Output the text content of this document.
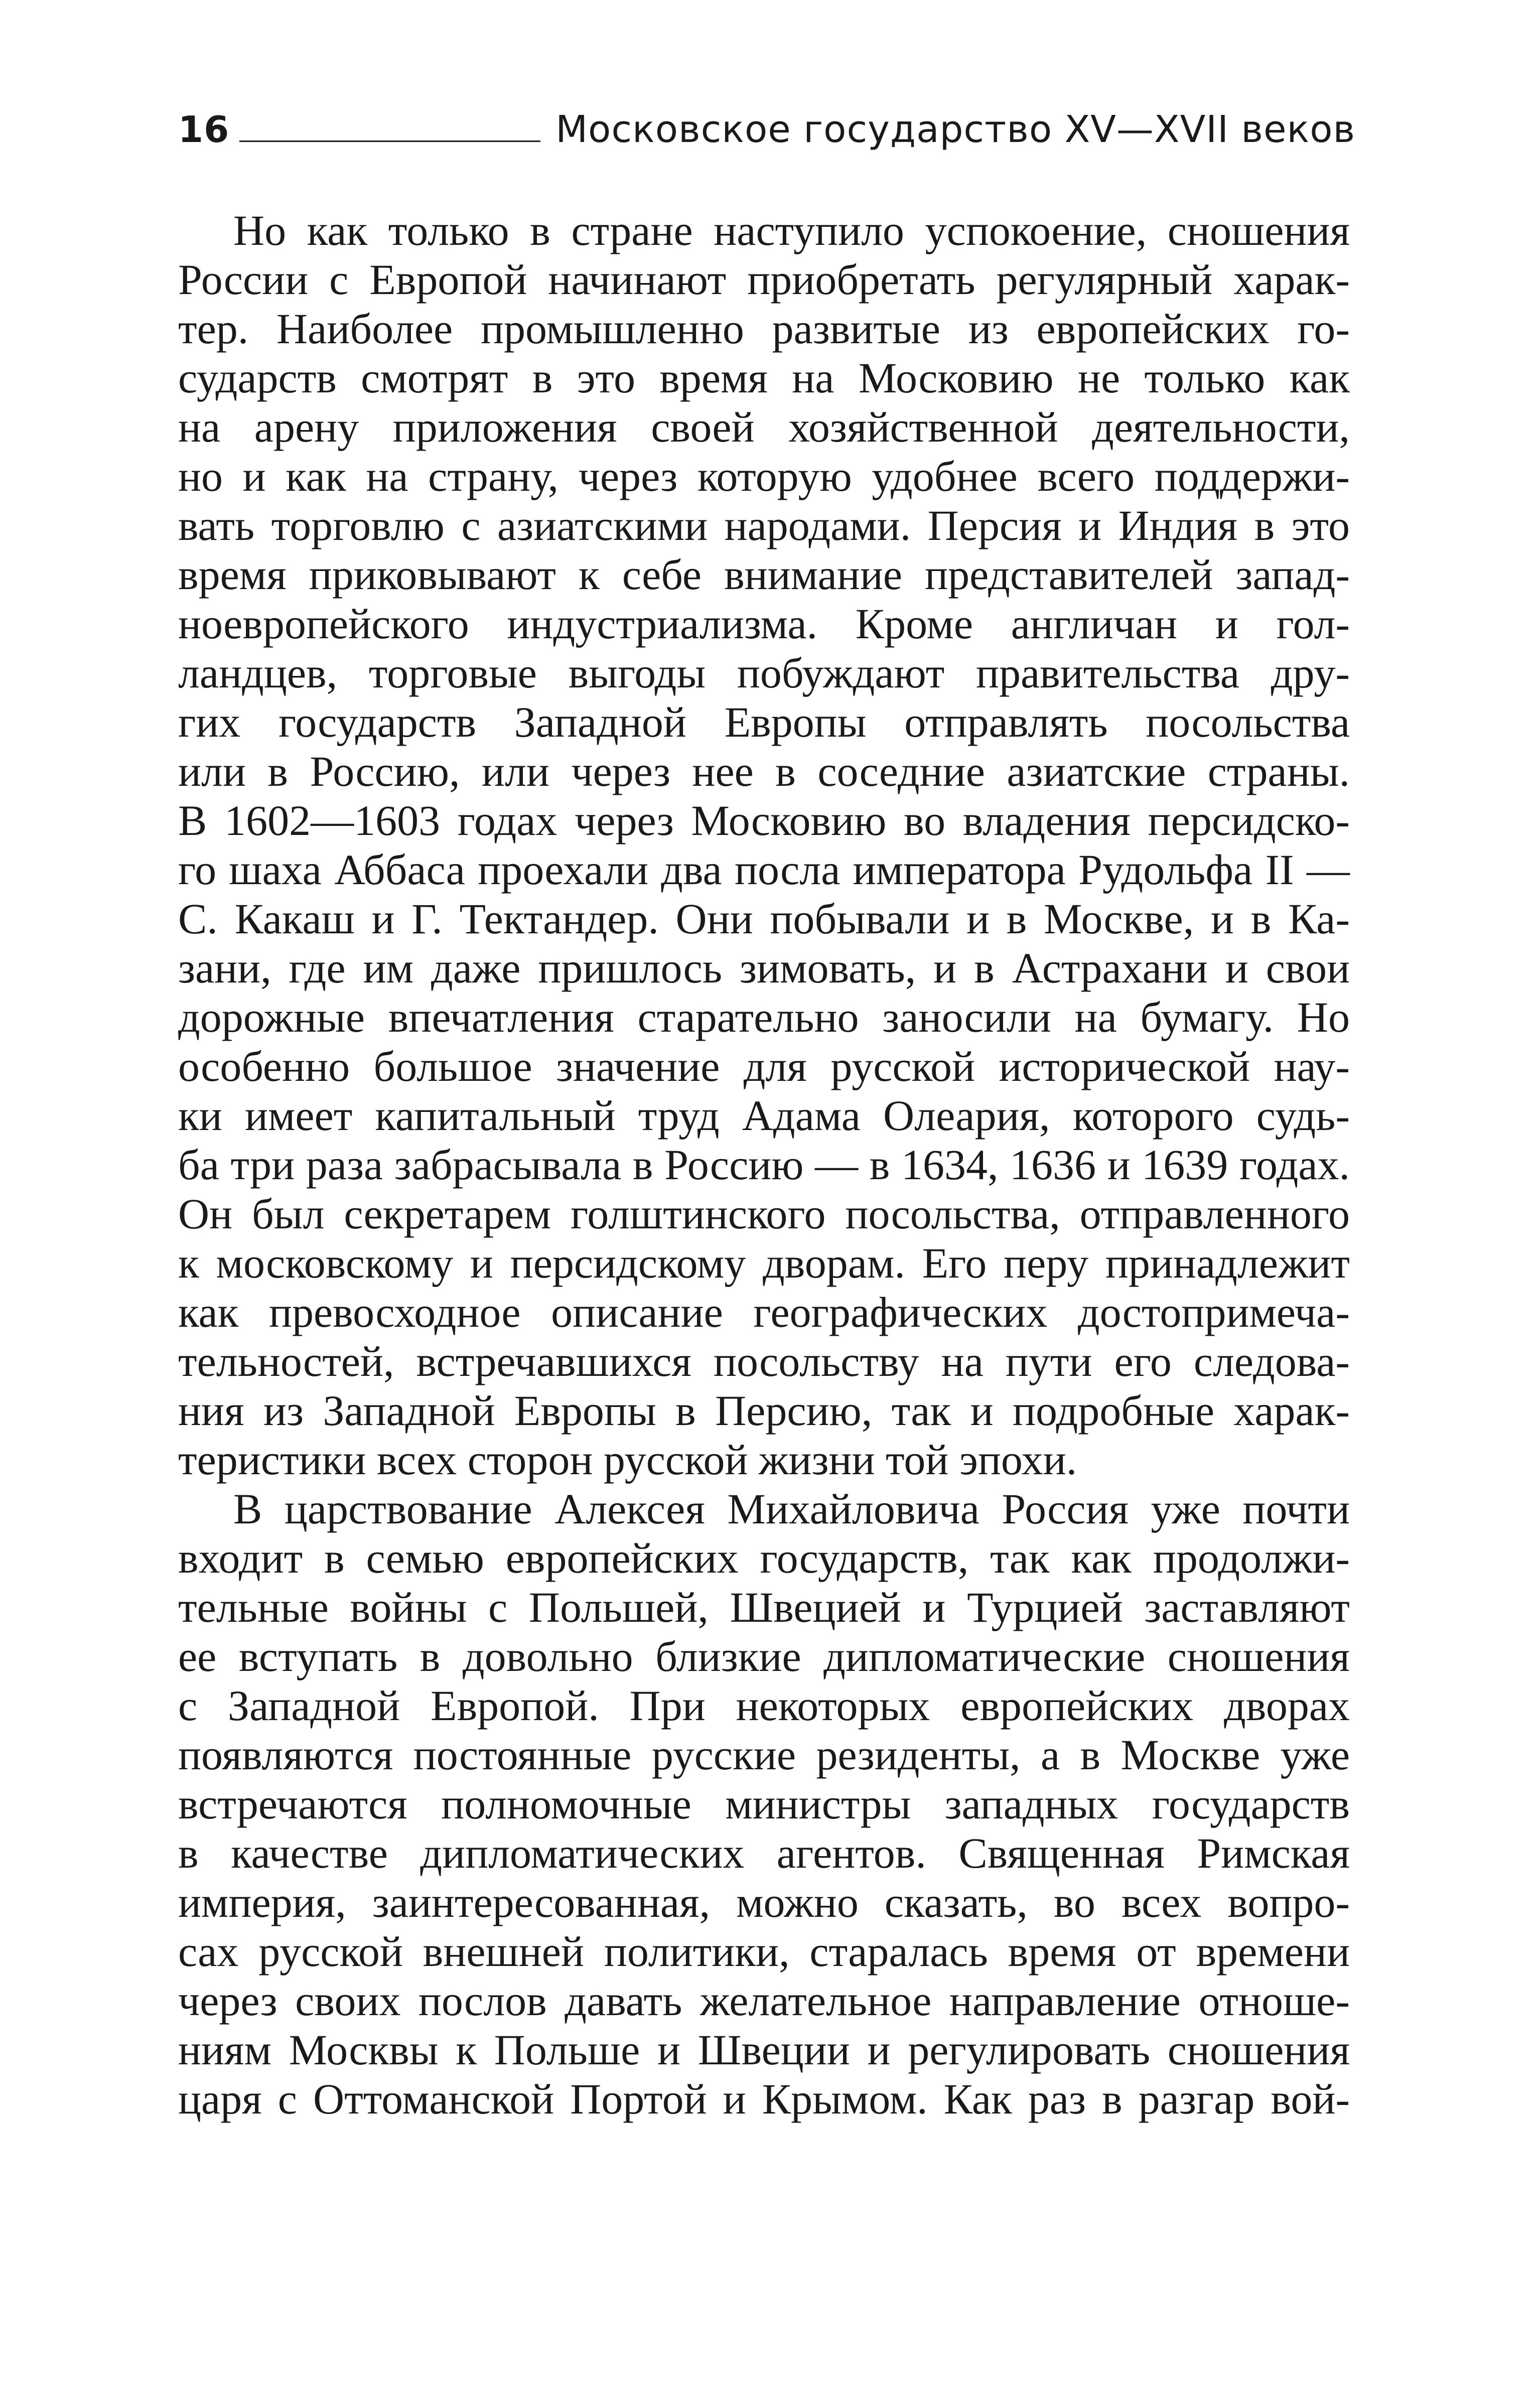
16	Московское государство XV—XVII веков
Но как только в стране наступило успокоение, сношения
России с Европой начинают приобретать регулярный харак-
тер. Наиболее промышленно развитые из европейских го-
сударств смотрят в это время на Московию не только как
на арену приложения своей хозяйственной деятельности,
но и как на страну, через которую удобнее всего поддержи-
вать торговлю с азиатскими народами. Персия и Индия в это
время приковывают к себе внимание представителей запад-
ноевропейского индустриализма. Кроме англичан и гол-
ландцев, торговые выгоды побуждают правительства дру-
гих государств Западной Европы отправлять посольства
или в Россию, или через нее в соседние азиатские страны.
В 1602—1603 годах через Московию во владения персидско-
го шаха Аббаса проехали два посла императора Рудольфа II —
С. Какаш и Г. Тектандер. Они побывали и в Москве, и в Ка-
зани, где им даже пришлось зимовать, и в Астрахани и свои
дорожные впечатления старательно заносили на бумагу. Но
особенно большое значение для русской исторической нау-
ки имеет капитальный труд Адама Олеария, которого судь-
ба три раза забрасывала в Россию — в 1634, 1636 и 1639 годах.
Он был секретарем голштинского посольства, отправленного
к московскому и персидскому дворам. Его перу принадлежит
как превосходное описание географических достопримеча-
тельностей, встречавшихся посольству на пути его следова-
ния из Западной Европы в Персию, так и подробные харак-
теристики всех сторон русской жизни той эпохи.
В царствование Алексея Михайловича Россия уже почти
входит в семью европейских государств, так как продолжи-
тельные войны с Польшей, Швецией и Турцией заставляют
ее вступать в довольно близкие дипломатические сношения
с Западной Европой. При некоторых европейских дворах
появляются постоянные русские резиденты, а в Москве уже
встречаются полномочные министры западных государств
в качестве дипломатических агентов. Священная Римская
империя, заинтересованная, можно сказать, во всех вопро-
сах русской внешней политики, старалась время от времени
через своих послов давать желательное направление отноше-
ниям Москвы к Польше и Швеции и регулировать сношения
царя с Оттоманской Портой и Крымом. Как раз в разгар вой-
